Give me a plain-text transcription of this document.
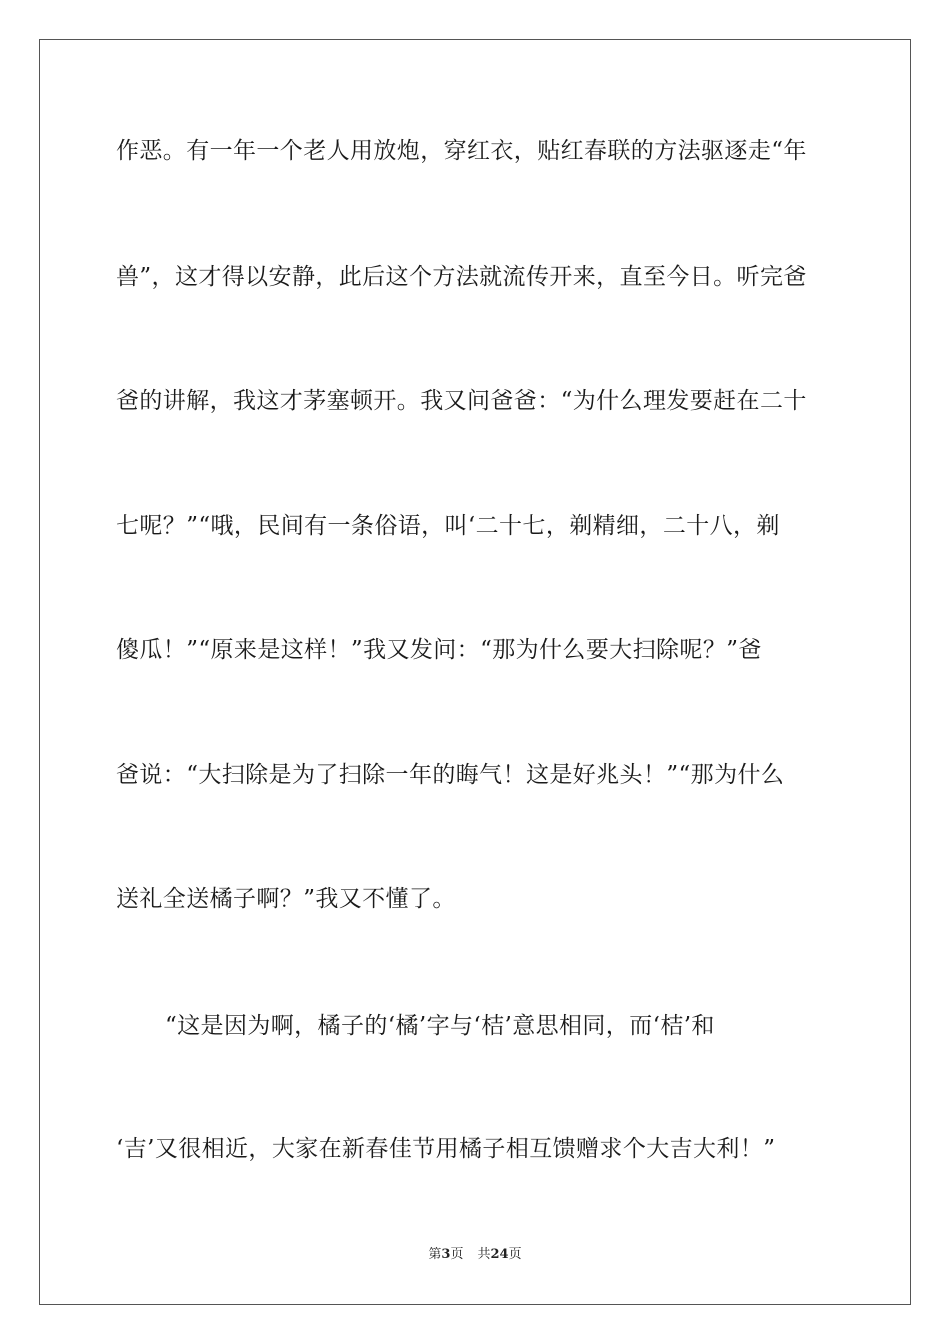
作恶。有一年一个老人用放炮，穿红衣，贴红春联的方法驱逐走“年
兽”，这才得以安静，此后这个方法就流传开来，直至今日。听完爸
爸的讲解，我这才茅塞顿开。我又问爸爸：“为什么理发要赶在二十
七呢？”“哦，民间有一条俗语，叫‘二十七，剃精细，二十八，剃
傻瓜！”“原来是这样！”我又发问：“那为什么要大扫除呢？”爸
爸说：“大扫除是为了扫除一年的晦气！这是好兆头！”“那为什么
送礼全送橘子啊？”我又不懂了。
“这是因为啊，橘子的‘橘’字与‘桔’意思相同，而‘桔’和
‘吉’又很相近，大家在新春佳节用橘子相互馈赠求个大吉大利！”
第3页 共24页
